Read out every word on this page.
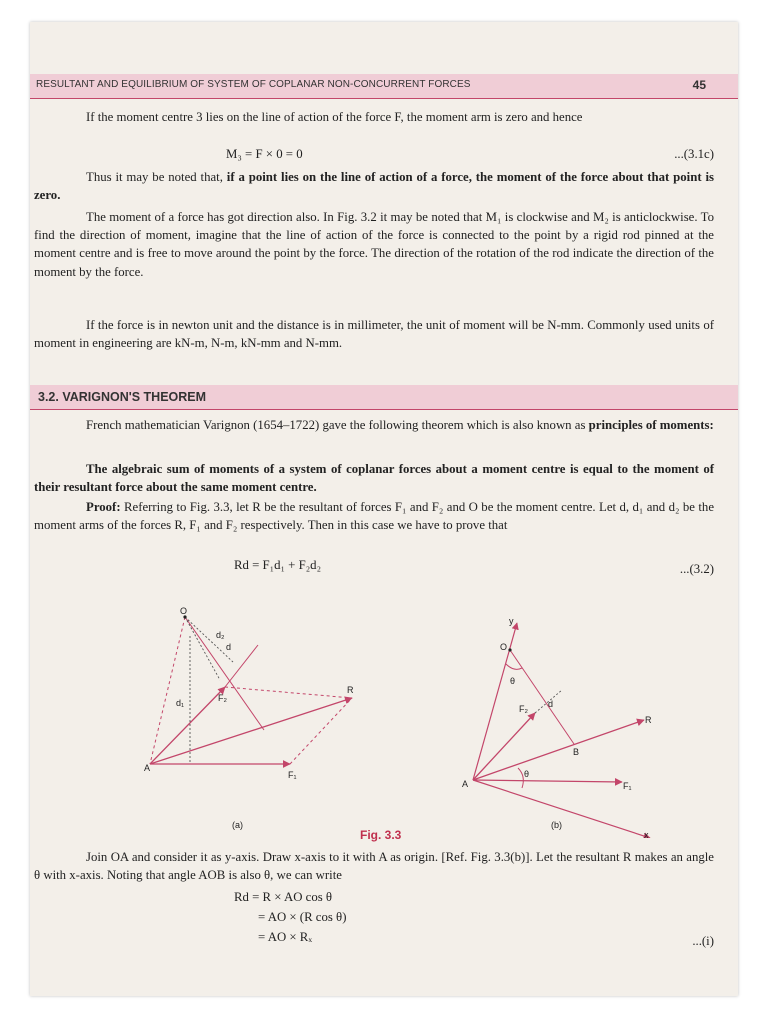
RESULTANT AND EQUILIBRIUM OF SYSTEM OF COPLANAR NON-CONCURRENT FORCES	45

If the moment centre 3 lies on the line of action of the force F, the moment arm is zero and hence

M₃ = F × 0 = 0	...(3.1c)

Thus it may be noted that, if a point lies on the line of action of a force, the moment of the force about that point is zero.

The moment of a force has got direction also. In Fig. 3.2 it may be noted that M₁ is clockwise and M₂ is anticlockwise. To find the direction of moment, imagine that the line of action of the force is connected to the point by a rigid rod pinned at the moment centre and is free to move around the point by the force. The direction of the rotation of the rod indicate the direction of the moment by the force.

If the force is in newton unit and the distance is in millimeter, the unit of moment will be N-mm. Commonly used units of moment in engineering are kN-m, N-m, kN-mm and N-mm.

3.2. VARIGNON'S THEOREM

French mathematician Varignon (1654–1722) gave the following theorem which is also known as principles of moments:

The algebraic sum of moments of a system of coplanar forces about a moment centre is equal to the moment of their resultant force about the same moment centre.

Proof: Referring to Fig. 3.3, let R be the resultant of forces F₁ and F₂ and O be the moment centre. Let d, d₁ and d₂ be the moment arms of the forces R, F₁ and F₂ respectively. Then in this case we have to prove that

Rd = F₁d₁ + F₂d₂	...(3.2)
O
A
F₁
F₂
R
d
d₁
d₂
(a)
O
y
A
B
R
F₁
F₂ d
x
θ
θ
(b)
Fig. 3.3

Join OA and consider it as y-axis. Draw x-axis to it with A as origin. [Ref. Fig. 3.3(b)]. Let the resultant R makes an angle θ with x-axis. Noting that angle AOB is also θ, we can write

Rd = R × AO cos θ
= AO × (R cos θ)
= AO × Rₓ	...(i)
